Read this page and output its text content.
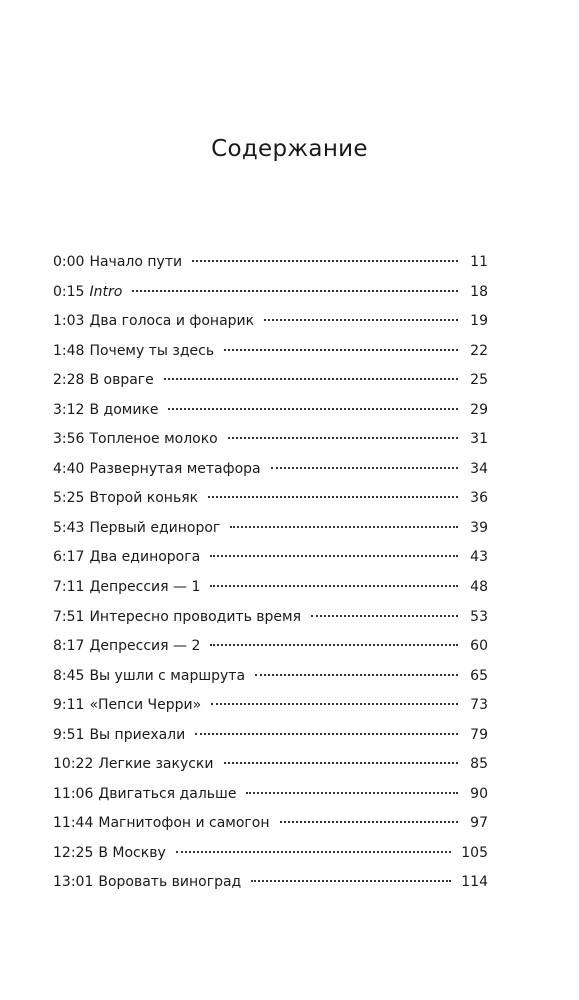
Содержание
0:00 Начало пути	11
0:15 Intro	18
1:03 Два голоса и фонарик	19
1:48 Почему ты здесь	22
2:28 В овраге	25
3:12 В домике	29
3:56 Топленое молоко	31
4:40 Развернутая метафора	34
5:25 Второй коньяк	36
5:43 Первый единорог	39
6:17 Два единорога	43
7:11 Депрессия — 1	48
7:51 Интересно проводить время	53
8:17 Депрессия — 2	60
8:45 Вы ушли с маршрута	65
9:11 «Пепси Черри»	73
9:51 Вы приехали	79
10:22 Легкие закуски	85
11:06 Двигаться дальше	90
11:44 Магнитофон и самогон	97
12:25 В Москву	105
13:01 Воровать виноград	114
